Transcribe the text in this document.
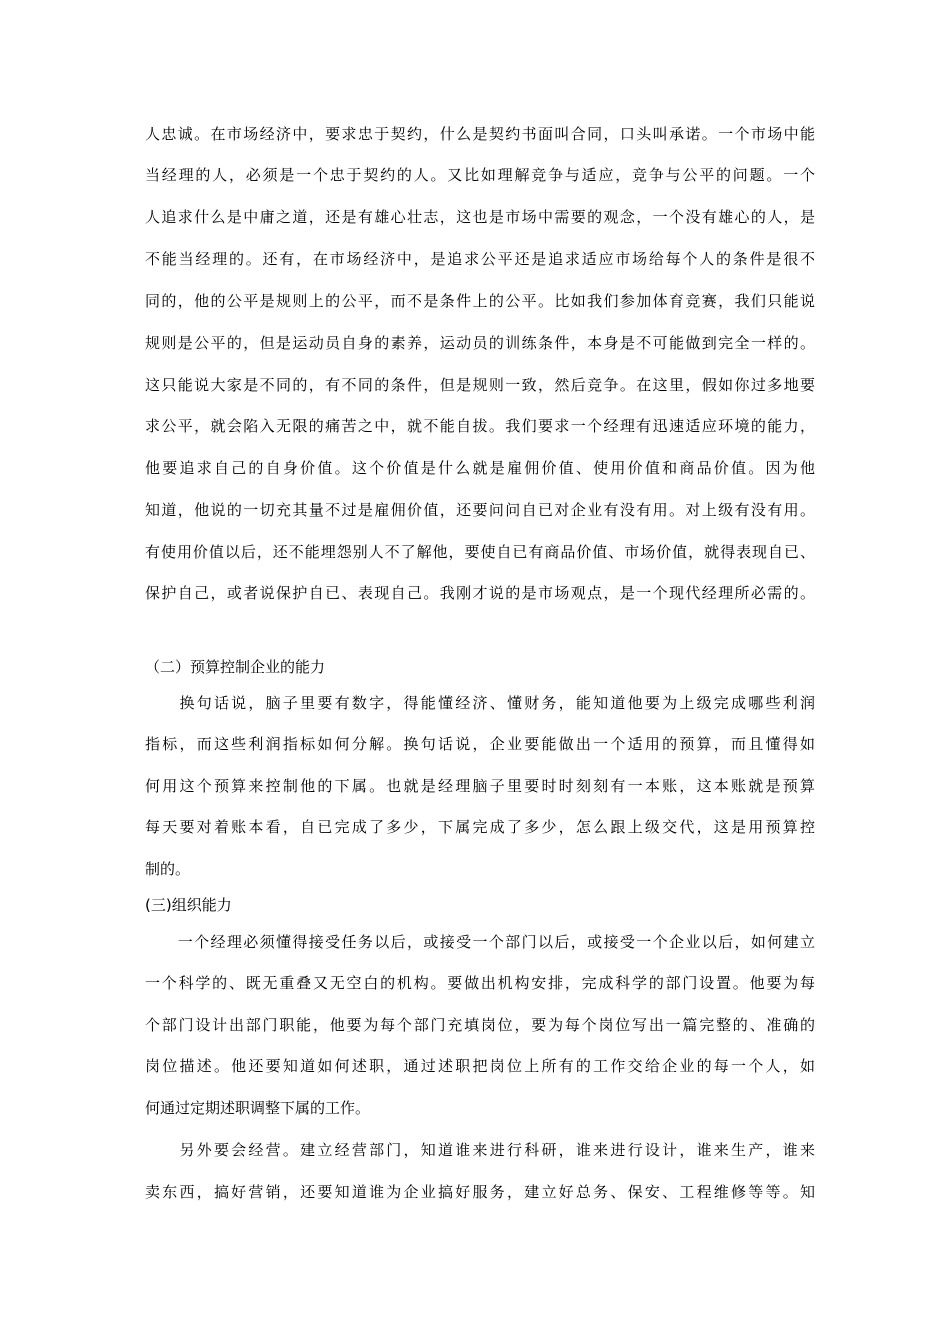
人忠诚。在市场经济中，要求忠于契约，什么是契约书面叫合同，口头叫承诺。一个市场中能
当经理的人，必须是一个忠于契约的人。又比如理解竞争与适应，竞争与公平的问题。一个
人追求什么是中庸之道，还是有雄心壮志，这也是市场中需要的观念，一个没有雄心的人，是
不能当经理的。还有，在市场经济中，是追求公平还是追求适应市场给每个人的条件是很不
同的，他的公平是规则上的公平，而不是条件上的公平。比如我们参加体育竞赛，我们只能说
规则是公平的，但是运动员自身的素养，运动员的训练条件，本身是不可能做到完全一样的。
这只能说大家是不同的，有不同的条件，但是规则一致，然后竞争。在这里，假如你过多地要
求公平，就会陷入无限的痛苦之中，就不能自拔。我们要求一个经理有迅速适应环境的能力，
他要追求自己的自身价值。这个价值是什么就是雇佣价值、使用价值和商品价值。因为他
知道，他说的一切充其量不过是雇佣价值，还要问问自已对企业有没有用。对上级有没有用。
有使用价值以后，还不能埋怨别人不了解他，要使自已有商品价值、市场价值，就得表现自已、
保护自己，或者说保护自已、表现自己。我刚才说的是市场观点，是一个现代经理所必需的。
（二）预算控制企业的能力
　　换句话说，脑子里要有数字，得能懂经济、懂财务，能知道他要为上级完成哪些利润
指标，而这些利润指标如何分解。换句话说，企业要能做出一个适用的预算，而且懂得如
何用这个预算来控制他的下属。也就是经理脑子里要时时刻刻有一本账，这本账就是预算
每天要对着账本看，自已完成了多少，下属完成了多少，怎么跟上级交代，这是用预算控
制的。
(三)组织能力
　　一个经理必须懂得接受任务以后，或接受一个部门以后，或接受一个企业以后，如何建立
一个科学的、既无重叠又无空白的机构。要做出机构安排，完成科学的部门设置。他要为每
个部门设计出部门职能，他要为每个部门充填岗位，要为每个岗位写出一篇完整的、准确的
岗位描述。他还要知道如何述职，通过述职把岗位上所有的工作交给企业的每一个人，如
何通过定期述职调整下属的工作。
　　另外要会经营。建立经营部门，知道谁来进行科研，谁来进行设计，谁来生产，谁来
卖东西，搞好营销，还要知道谁为企业搞好服务，建立好总务、保安、工程维修等等。知
